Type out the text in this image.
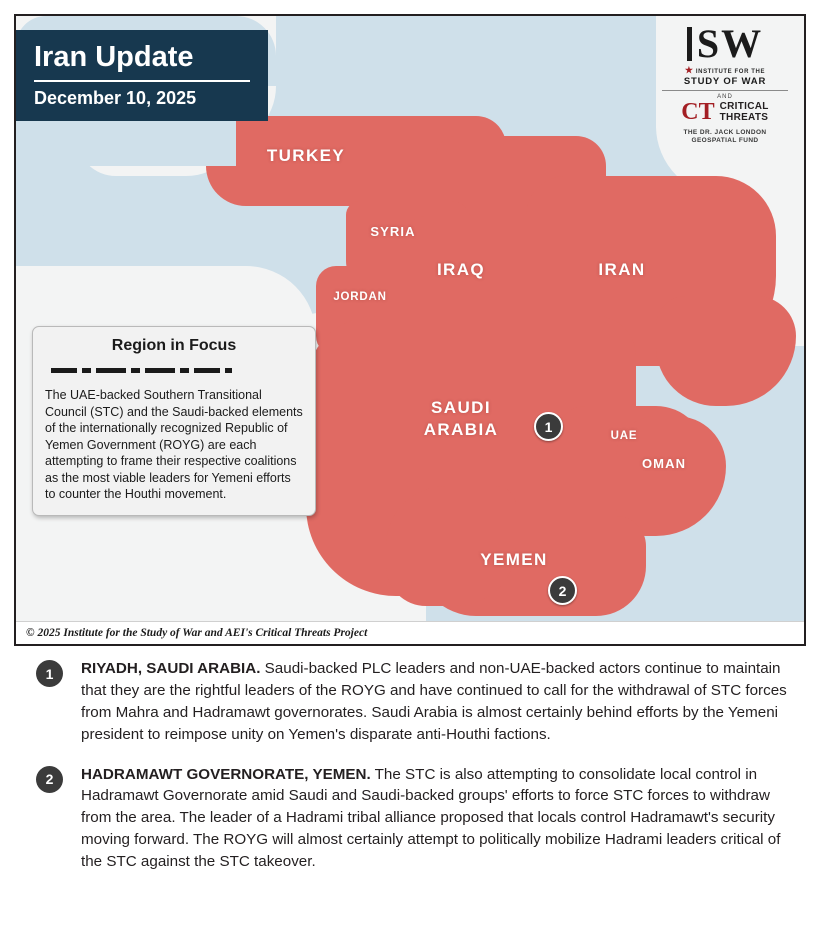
TURKEY
SYRIA
IRAQ	IRAN
JORDAN
SAUDI
ARABIA	UAE
OMAN
YEMEN
1
2
Iran Update
December 10, 2025
SW
★ INSTITUTE FOR THE
STUDY OF WAR
AND
CT CRITICAL
THREATS
THE DR. JACK LONDON
GEOSPATIAL FUND
Region in Focus
The UAE-backed Southern Transitional Council (STC) and the Saudi-backed elements of the internationally recognized Republic of Yemen Government (ROYG) are each attempting to frame their respective coalitions as the most viable leaders for Yemeni efforts to counter the Houthi movement.
© 2025 Institute for the Study of War and AEI's Critical Threats Project
1	RIYADH, SAUDI ARABIA. Saudi-backed PLC leaders and non-UAE-backed actors continue to maintain that they are the rightful leaders of the ROYG and have continued to call for the withdrawal of STC forces from Mahra and Hadramawt governorates. Saudi Arabia is almost certainly behind efforts by the Yemeni president to reimpose unity on Yemen's disparate anti-Houthi factions.
2	HADRAMAWT GOVERNORATE, YEMEN. The STC is also attempting to consolidate local control in Hadramawt Governorate amid Saudi and Saudi-backed groups' efforts to force STC forces to withdraw from the area. The leader of a Hadrami tribal alliance proposed that locals control Hadramawt's security moving forward. The ROYG will almost certainly attempt to politically mobilize Hadrami leaders critical of the STC against the STC takeover.
